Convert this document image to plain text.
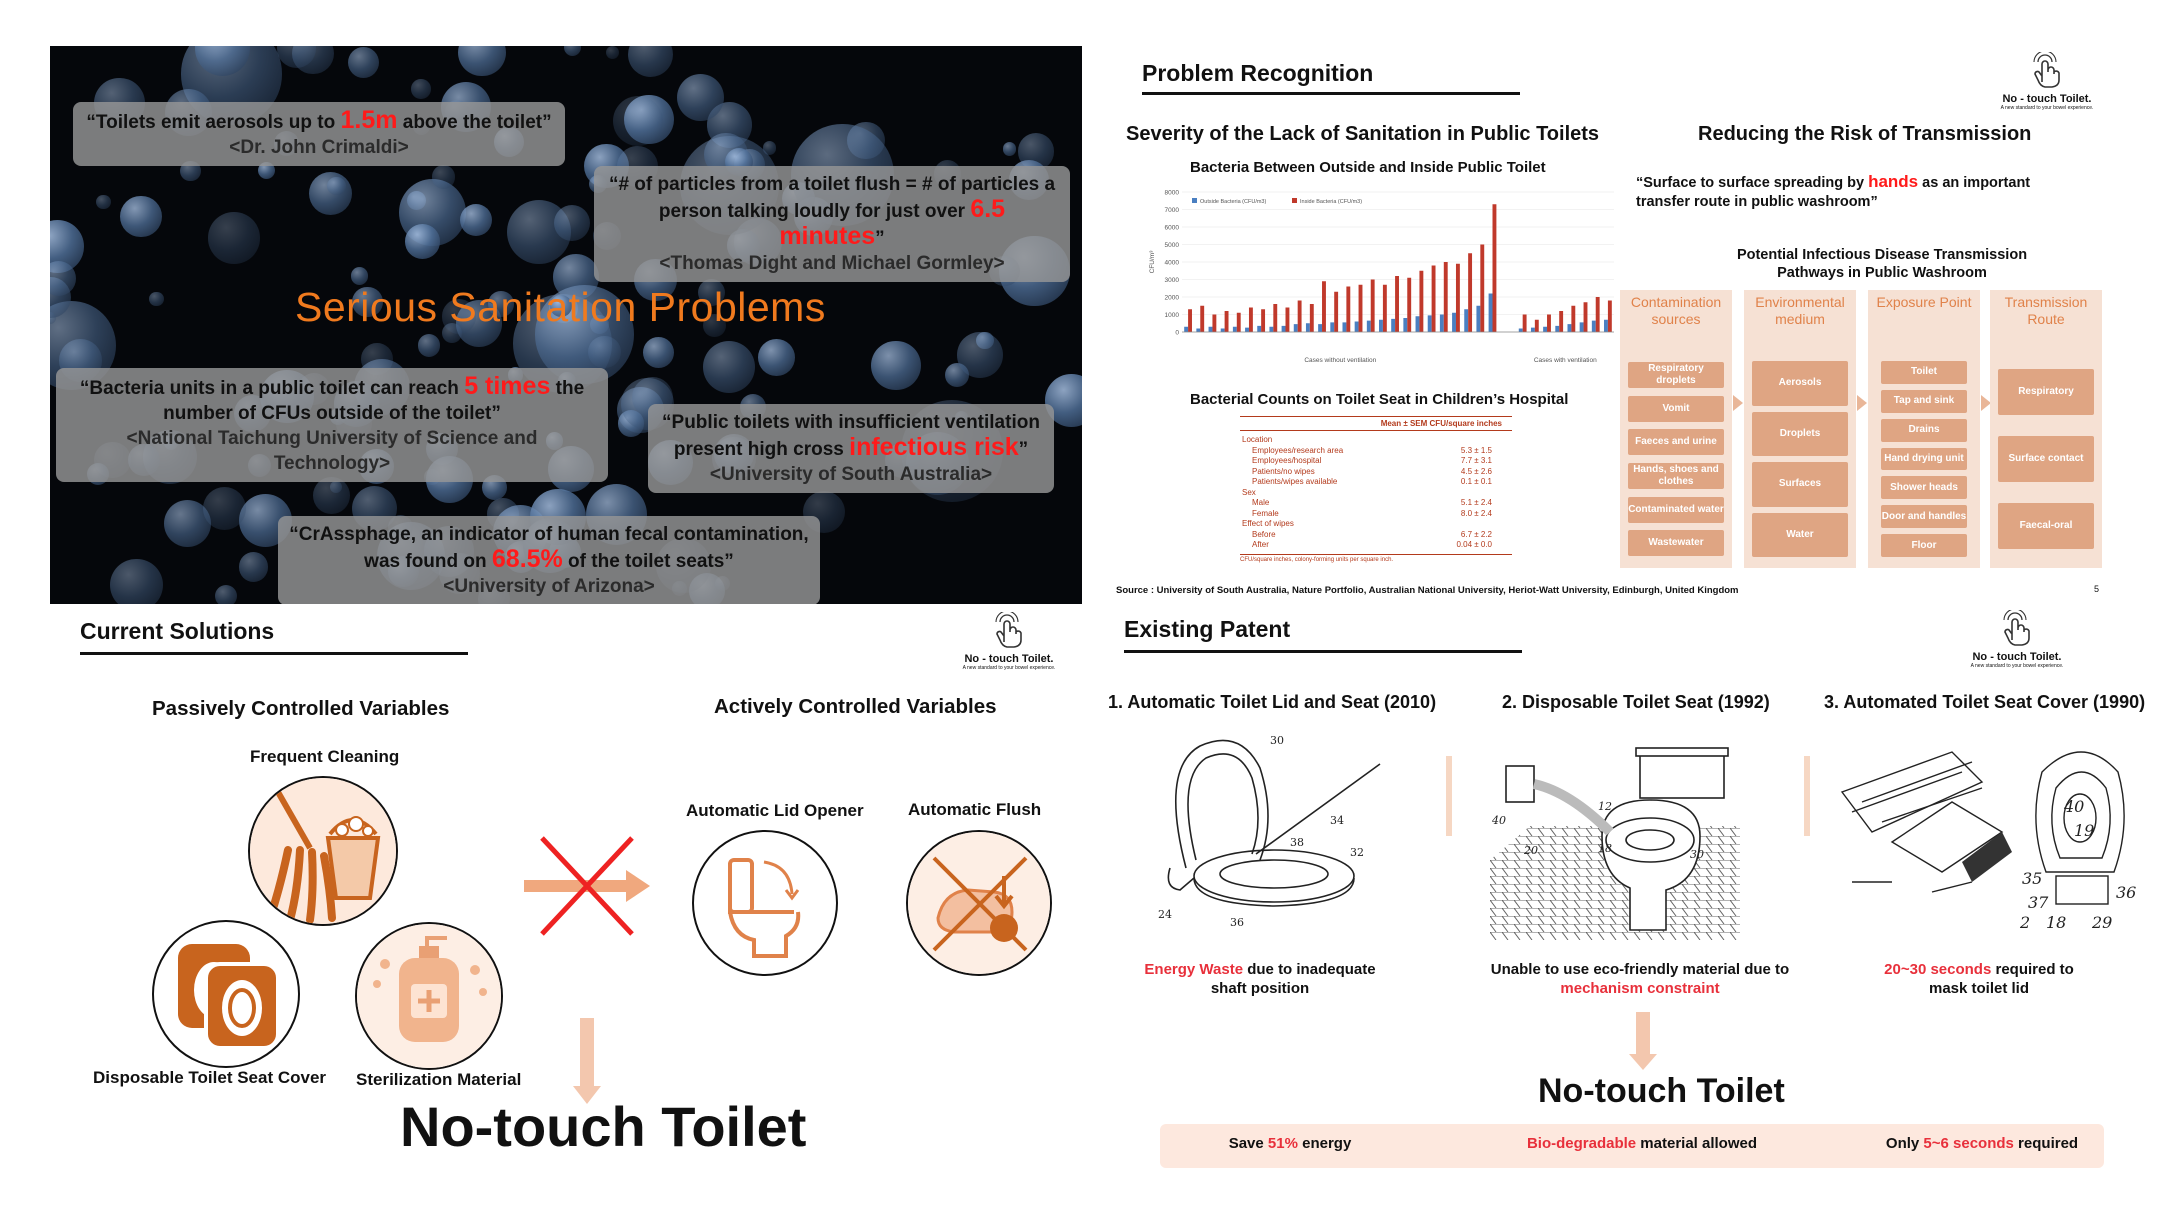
Serious Sanitation Problems
“Toilets emit aerosols up to 1.5m above the toilet”
<Dr. John Crimaldi>
“# of particles from a toilet flush = # of particles a person talking loudly for just over 6.5 minutes”
<Thomas Dight and Michael Gormley>
“Bacteria units in a public toilet can reach 5 times the number of CFUs outside of the toilet”
<National Taichung University of Science and Technology>
“Public toilets with insufficient ventilation present high cross infectious risk”
<University of South Australia>
“CrAssphage, an indicator of human fecal contamination, was found on 68.5% of the toilet seats”
<University of Arizona>
Problem Recognition
No - touch Toilet.
A new standard to your bowel experience.
Severity of the Lack of Sanitation in Public Toilets	Reducing the Risk of Transmission
Bacteria Between Outside and Inside Public Toilet
0
1000
2000
3000
4000
5000
6000
7000
8000
CFU/m³
Outside Bacteria (CFU/m3)	Inside Bacteria (CFU/m3)
Cases without ventilation	Cases with ventilation
Bacterial Counts on Toilet Seat in Children’s Hospital
Mean ± SEM CFU/square inches
Location
Employees/research area	5.3 ± 1.5
Employees/hospital	7.7 ± 3.1
Patients/no wipes	4.5 ± 2.6
Patients/wipes available	0.1 ± 0.1
Sex
Male	5.1 ± 2.4
Female	8.0 ± 2.4
Effect of wipes
Before	6.7 ± 2.2
After	0.04 ± 0.0
CFU/square inches, colony-forming units per square inch.
“Surface to surface spreading by hands as an important transfer route in public washroom”
Potential Infectious Disease Transmission Pathways in Public Washroom
Contamination sources
Respiratory droplets
Vomit
Faeces and urine
Hands, shoes and clothes
Contaminated water
Wastewater
Environmental medium
Aerosols
Droplets
Surfaces
Water
Exposure Point
Toilet
Tap and sink
Drains
Hand drying unit
Shower heads
Door and handles
Floor
Transmission Route
Respiratory
Surface contact
Faecal-oral
Source : University of South Australia, Nature Portfolio, Australian National University, Heriot-Watt University, Edinburgh, United Kingdom	5
Current Solutions
No - touch Toilet.
A new standard to your bowel experience.
Passively Controlled Variables	Actively Controlled Variables
Frequent Cleaning
Disposable Toilet Seat Cover Sterilization Material
Automatic Lid Opener	Automatic Flush
No-touch Toilet
Existing Patent
No - touch Toilet.
A new standard to your bowel experience.
1. Automatic Toilet Lid and Seat (2010)	2. Disposable Toilet Seat (1992)	3. Automated Toilet Seat Cover (1990)
30
34
38
32
24
36
40
20	18	30
12	40
19
35
37
36
2 18 29
Energy Waste due to inadequate shaft position
Unable to use eco-friendly material due to mechanism constraint
20~30 seconds required to mask toilet lid
No-touch Toilet
Save 51% energy	Bio-degradable material allowed	Only 5~6 seconds required
